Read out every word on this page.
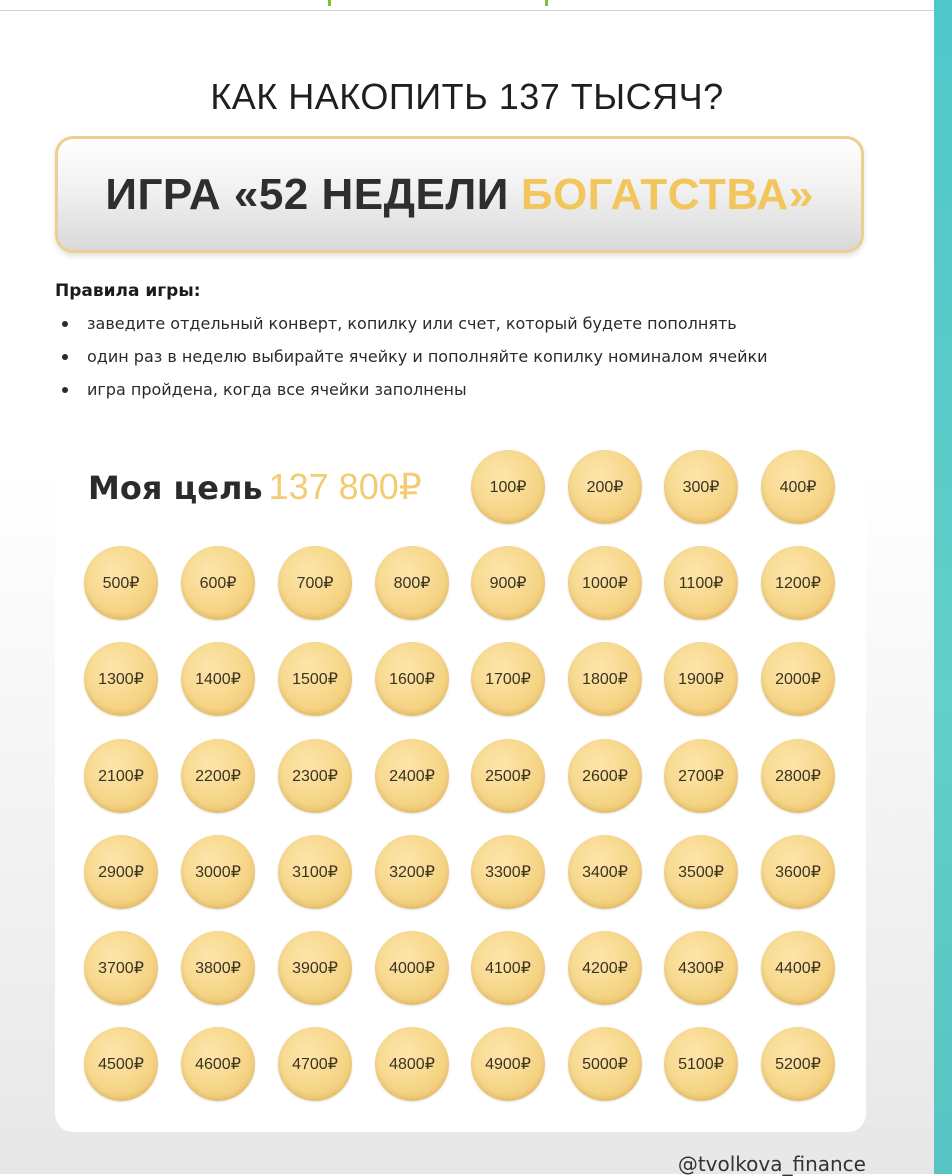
КАК НАКОПИТЬ 137 ТЫСЯЧ?
ИГРА «52 НЕДЕЛИ БОГАТСТВА»
Правила игры:
заведите отдельный конверт, копилку или счет, который будете пополнять
один раз в неделю выбирайте ячейку и пополняйте копилку номиналом ячейки
игра пройдена, когда все ячейки заполнены
Моя цель 137 800₽	100₽	200₽	300₽	400₽
500₽	600₽	700₽	800₽	900₽	1000₽	1100₽	1200₽
1300₽	1400₽	1500₽	1600₽	1700₽	1800₽	1900₽	2000₽
2100₽	2200₽	2300₽	2400₽	2500₽	2600₽	2700₽	2800₽
2900₽	3000₽	3100₽	3200₽	3300₽	3400₽	3500₽	3600₽
3700₽	3800₽	3900₽	4000₽	4100₽	4200₽	4300₽	4400₽
4500₽	4600₽	4700₽	4800₽	4900₽	5000₽	5100₽	5200₽
@tvolkova_finance
